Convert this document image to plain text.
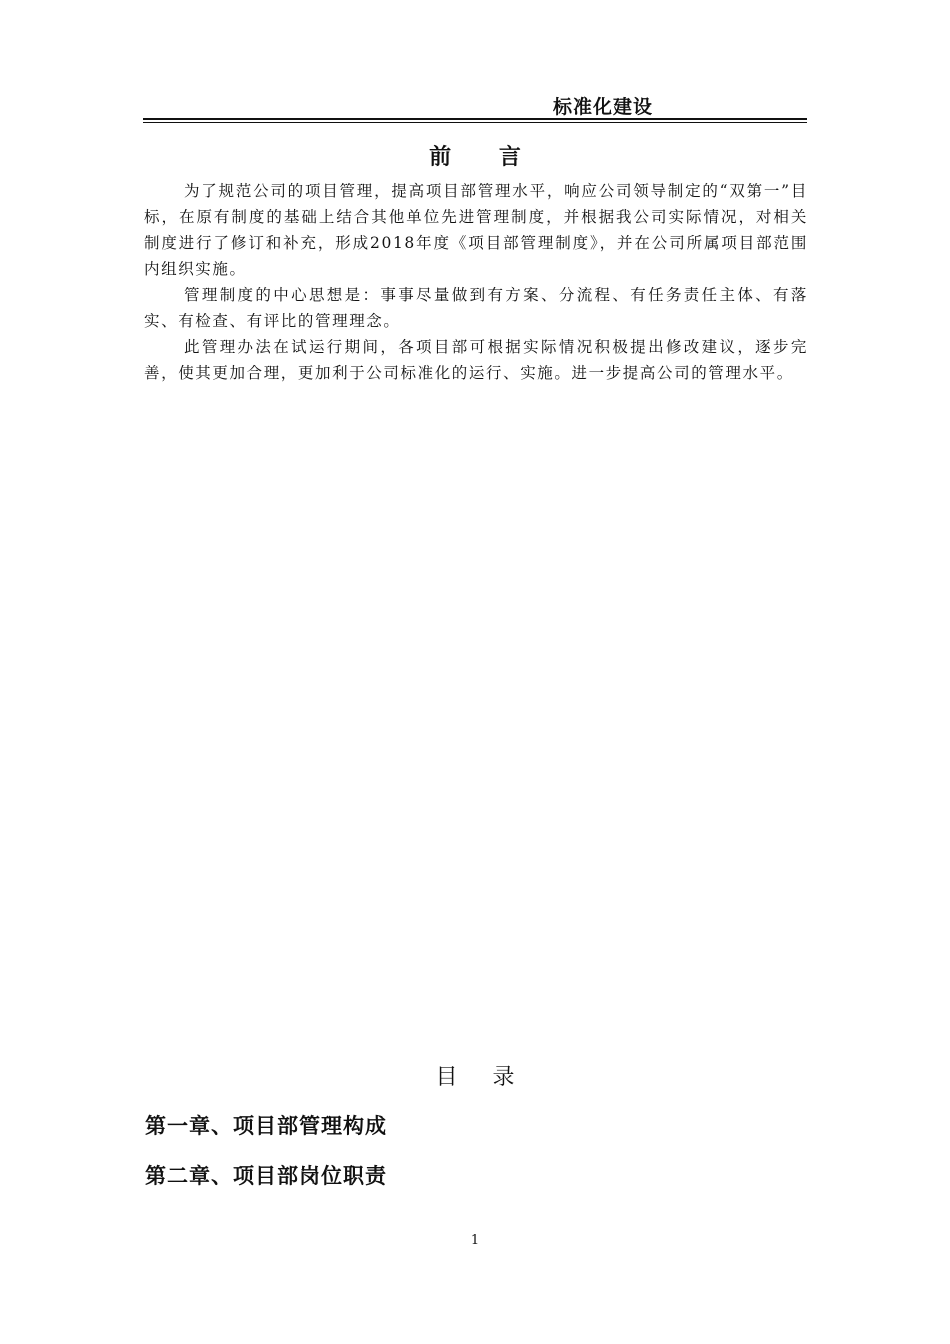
标准化建设
前 言

为了规范公司的项目管理，提高项目部管理水平，响应公司领导制定的“双第一”目标，在原有制度的基础上结合其他单位先进管理制度，并根据我公司实际情况，对相关制度进行了修订和补充，形成2018年度《项目部管理制度》，并在公司所属项目部范围内组织实施。

管理制度的中心思想是：事事尽量做到有方案、分流程、有任务责任主体、有落实、有检查、有评比的管理理念。

此管理办法在试运行期间，各项目部可根据实际情况积极提出修改建议，逐步完善，使其更加合理，更加利于公司标准化的运行、实施。进一步提高公司的管理水平。

目 录
第一章、项目部管理构成
第二章、项目部岗位职责
1
